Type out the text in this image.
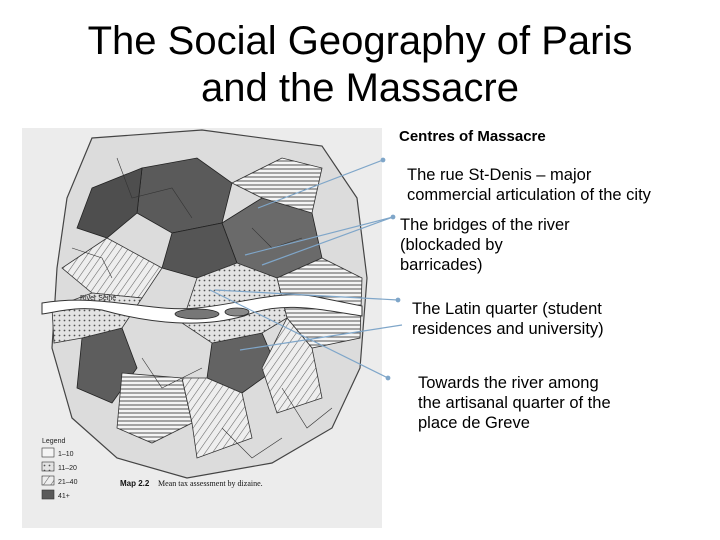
The Social Geography of Paris
and the Massacre
River Seine
Legend
1–10
11–20
21–40
41+
Map 2.2 Mean tax assessment by dizaine.
Centres of Massacre
The rue St-Denis – major
commercial articulation of the city
The bridges of the river
(blockaded by
barricades)
The Latin quarter (student
residences and university)
Towards the river among
the artisanal quarter of the
place de Greve
